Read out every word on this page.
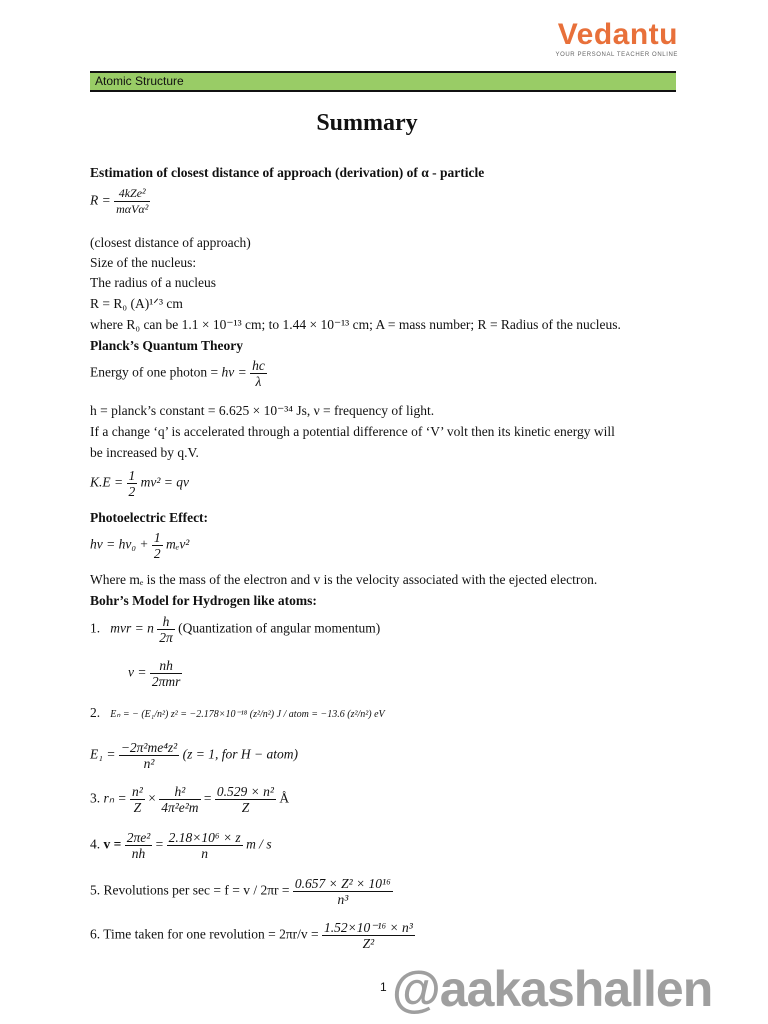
Vedantu
YOUR PERSONAL TEACHER ONLINE
Atomic Structure
Summary
Estimation of closest distance of approach (derivation) of α - particle
$R = \frac{\text{4kZe²}}{\text{mαVα²}}$
(closest distance of approach)
Size of the nucleus:
The radius of a nucleus
R = R₀ (A)¹ᐟ³ cm
where R₀ can be 1.1 × 10⁻¹³ cm; to 1.44 × 10⁻¹³ cm; A = mass number; R = Radius of the nucleus.
Planck’s Quantum Theory
Energy of one photon = $h\nu = \frac{hc}{\lambda}$
h = planck’s constant = 6.625 × 10⁻³⁴ Js, ν = frequency of light.
If a change ‘q’ is accelerated through a potential difference of ‘V’ volt then its kinetic energy will
be increased by q.V.
$K.E = \frac{1}{2} mv^2$ = qv
Photoelectric Effect:
$h\nu = h\nu_0 + \frac{1}{2} m_ev^2$
Where mₑ is the mass of the electron and v is the velocity associated with the ejected electron.
Bohr’s Model for Hydrogen like atoms:
1. mvr = n $\frac{h}{2\pi}$ (Quantization of angular momentum)
$v = \frac{nh}{\text{2πmr}}$
2. Eₙ = − (E₁/n²) z² = −2.178×10⁻¹⁸ (z²/n²) J / atom = −13.6 (z²/n²) eV
$E_1 = \frac{\text{−2π²me⁴z²}}{\text{n²}} (z = 1$, for H − atom)
3. $r_n = \frac{\text{n²}}{Z} \times \frac{\text{h²}}{\text{4π²e²m}} = \frac{\text{0.529 × n²}}{Z}$ Å
4. $v = \frac{\text{2πe²}}{nh} = \frac{\text{2.18×10⁶ × z}}{n}$ m / s
5. Revolutions per $\sec = f = v / 2\pi r = \frac{\text{0.657 × Z² × 10¹⁶}}{\text{n³}}$
6. Time taken for one revolution = $2\pi r/v = \frac{\text{1.52×10⁻¹⁶ × n³}}{\text{Z²}}$
1 @aakashallen
